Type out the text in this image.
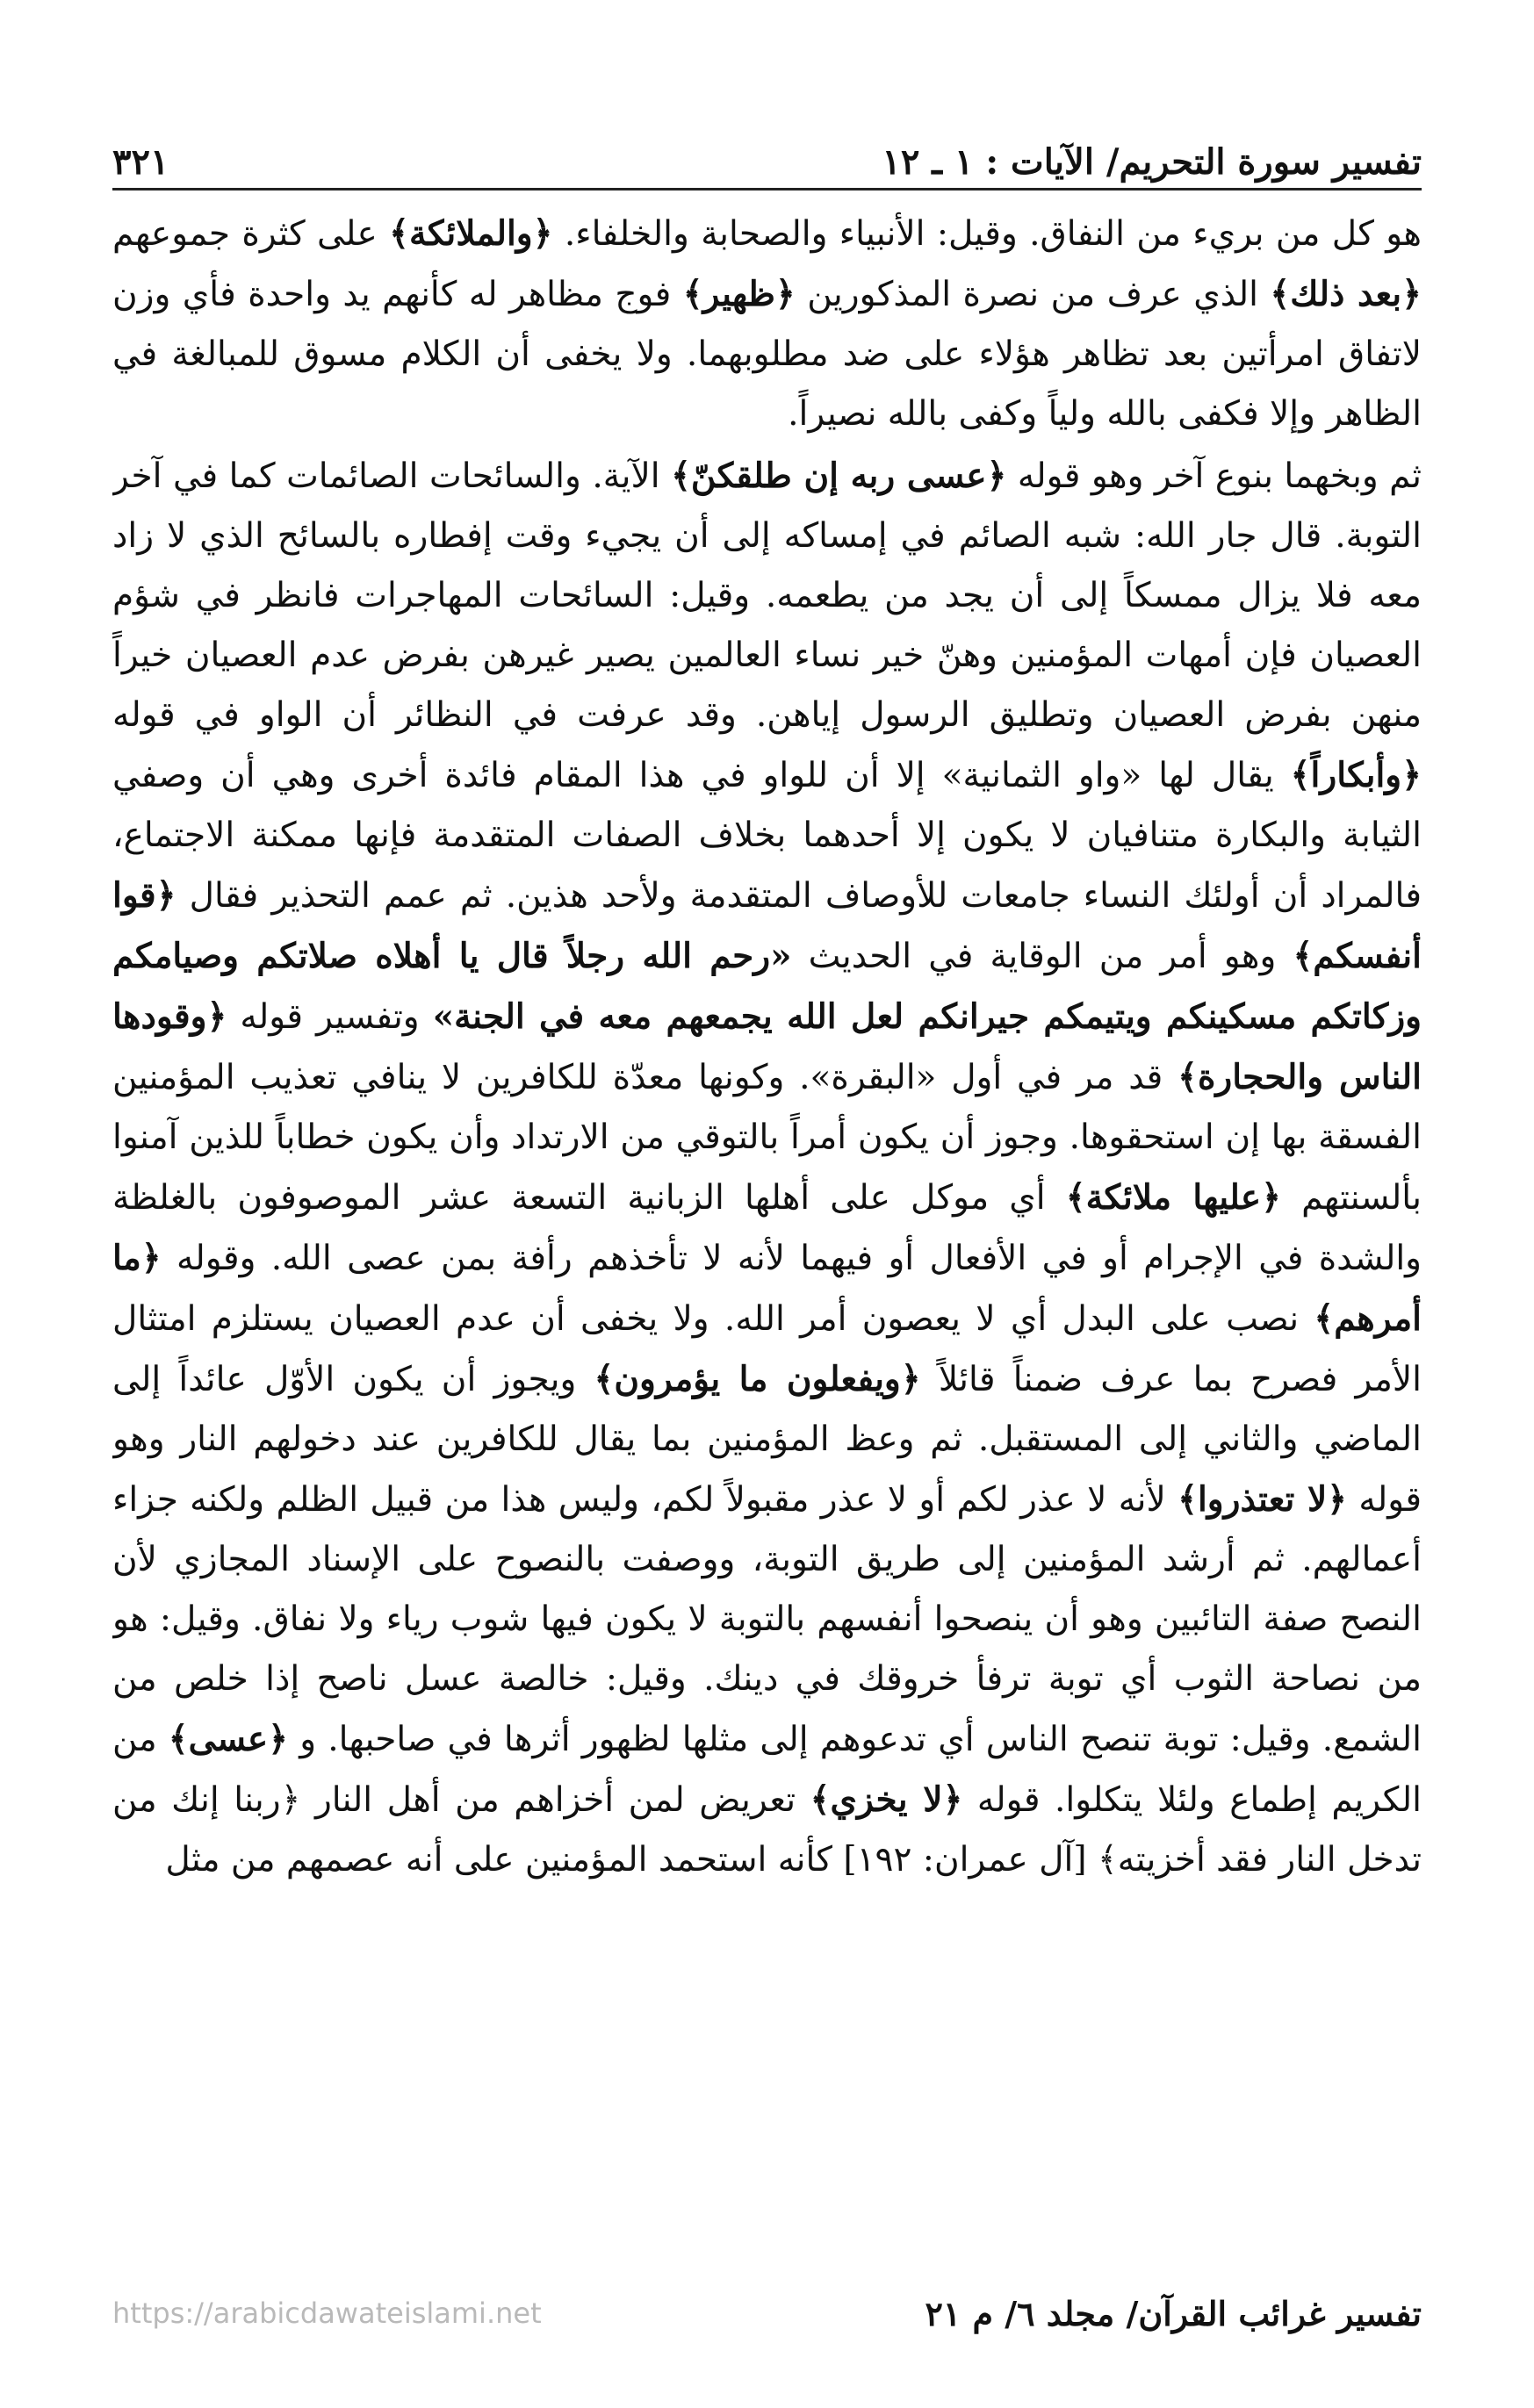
تفسير سورة التحريم/ الآيات : ١ ـ ١٢
٣٢١

هو كل من بريء من النفاق. وقيل: الأنبياء والصحابة والخلفاء. ﴿والملائكة﴾ على كثرة جموعهم ﴿بعد ذلك﴾ الذي عرف من نصرة المذكورين ﴿ظهير﴾ فوج مظاهر له كأنهم يد واحدة فأي وزن لاتفاق امرأتين بعد تظاهر هؤلاء على ضد مطلوبهما. ولا يخفى أن الكلام مسوق للمبالغة في الظاهر وإلا فكفى بالله ولياً وكفى بالله نصيراً.

ثم وبخهما بنوع آخر وهو قوله ﴿عسى ربه إن طلقكنّ﴾ الآية. والسائحات الصائمات كما في آخر التوبة. قال جار الله: شبه الصائم في إمساكه إلى أن يجيء وقت إفطاره بالسائح الذي لا زاد معه فلا يزال ممسكاً إلى أن يجد من يطعمه. وقيل: السائحات المهاجرات فانظر في شؤم العصيان فإن أمهات المؤمنين وهنّ خير نساء العالمين يصير غيرهن بفرض عدم العصيان خيراً منهن بفرض العصيان وتطليق الرسول إياهن. وقد عرفت في النظائر أن الواو في قوله ﴿وأبكاراً﴾ يقال لها «واو الثمانية» إلا أن للواو في هذا المقام فائدة أخرى وهي أن وصفي الثيابة والبكارة متنافيان لا يكون إلا أحدهما بخلاف الصفات المتقدمة فإنها ممكنة الاجتماع، فالمراد أن أولئك النساء جامعات للأوصاف المتقدمة ولأحد هذين. ثم عمم التحذير فقال ﴿قوا أنفسكم﴾ وهو أمر من الوقاية في الحديث «رحم الله رجلاً قال يا أهلاه صلاتكم وصيامكم وزكاتكم مسكينكم ويتيمكم جيرانكم لعل الله يجمعهم معه في الجنة» وتفسير قوله ﴿وقودها الناس والحجارة﴾ قد مر في أول «البقرة». وكونها معدّة للكافرين لا ينافي تعذيب المؤمنين الفسقة بها إن استحقوها. وجوز أن يكون أمراً بالتوقي من الارتداد وأن يكون خطاباً للذين آمنوا بألسنتهم ﴿عليها ملائكة﴾ أي موكل على أهلها الزبانية التسعة عشر الموصوفون بالغلظة والشدة في الإجرام أو في الأفعال أو فيهما لأنه لا تأخذهم رأفة بمن عصى الله. وقوله ﴿ما أمرهم﴾ نصب على البدل أي لا يعصون أمر الله. ولا يخفى أن عدم العصيان يستلزم امتثال الأمر فصرح بما عرف ضمناً قائلاً ﴿ويفعلون ما يؤمرون﴾ ويجوز أن يكون الأوّل عائداً إلى الماضي والثاني إلى المستقبل. ثم وعظ المؤمنين بما يقال للكافرين عند دخولهم النار وهو قوله ﴿لا تعتذروا﴾ لأنه لا عذر لكم أو لا عذر مقبولاً لكم، وليس هذا من قبيل الظلم ولكنه جزاء أعمالهم. ثم أرشد المؤمنين إلى طريق التوبة، ووصفت بالنصوح على الإسناد المجازي لأن النصح صفة التائبين وهو أن ينصحوا أنفسهم بالتوبة لا يكون فيها شوب رياء ولا نفاق. وقيل: هو من نصاحة الثوب أي توبة ترفأ خروقك في دينك. وقيل: خالصة عسل ناصح إذا خلص من الشمع. وقيل: توبة تنصح الناس أي تدعوهم إلى مثلها لظهور أثرها في صاحبها. و ﴿عسى﴾ من الكريم إطماع ولئلا يتكلوا. قوله ﴿لا يخزي﴾ تعريض لمن أخزاهم من أهل النار ﴿ربنا إنك من تدخل النار فقد أخزيته﴾ [آل عمران: ١٩٢] كأنه استحمد المؤمنين على أنه عصمهم من مثل

تفسير غرائب القرآن/ مجلد ٦/ م ٢١
https://arabicdawateislami.net
